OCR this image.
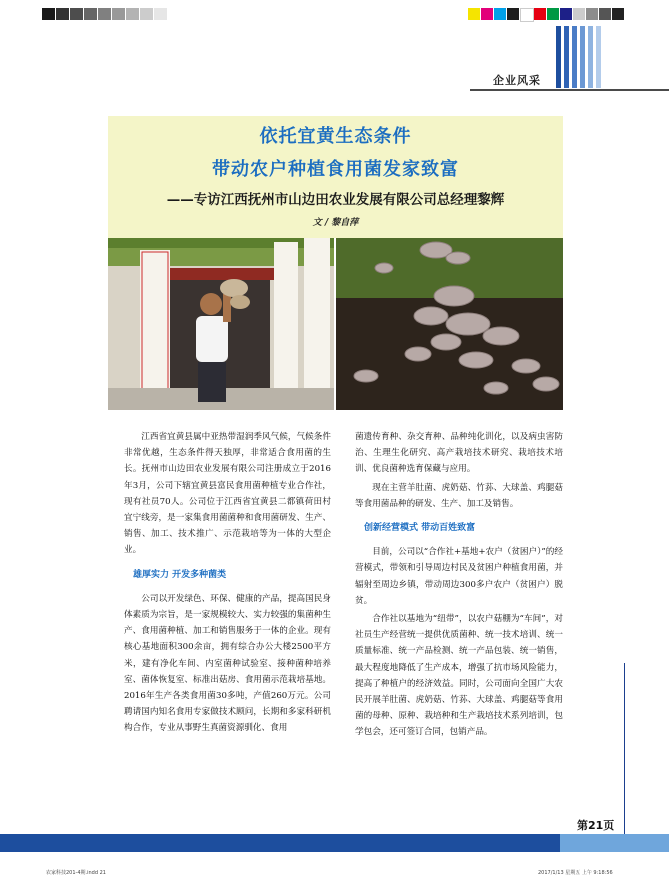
企业风采
依托宜黄生态条件
带动农户种植食用菌发家致富
——专访江西抚州市山边田农业发展有限公司总经理黎辉
文 / 黎自萍

江西省宜黄县属中亚热带湿润季风气候，气候条件非常优越，生态条件得天独厚，非常适合食用菌的生长。抚州市山边田农业发展有限公司注册成立于2016年3月，公司下辖宜黄县富民食用菌种植专业合作社，现有社员70人。公司位于江西省宜黄县二都镇荷田村宜宁线旁，是一家集食用菌菌种和食用菌研发、生产、销售、加工、技术推广、示范栽培等为一体的大型企业。

雄厚实力 开发多种菌类

公司以开发绿色、环保、健康的产品，提高国民身体素质为宗旨，是一家规模较大、实力较强的集菌种生产、食用菌种植、加工和销售服务于一体的企业。现有核心基地面积300余亩，拥有综合办公大楼2500平方米，建有净化车间、内室菌种试验室、接种菌种培养室、菌体恢复室、标准出菇房、食用菌示范栽培基地。2016年生产各类食用菌30多吨，产值260万元。公司聘请国内知名食用专家做技术顾问，长期和多家科研机构合作，专业从事野生真菌资源驯化、食用

菌遗传育种、杂交育种、品种纯化训化，以及病虫害防治、生理生化研究、高产栽培技术研究、栽培技术培训、优良菌种选育保藏与应用。

现在主营羊肚菌、虎奶菇、竹荪、大球盖、鸡腿菇等食用菌品种的研发、生产、加工及销售。

创新经营模式 带动百姓致富

目前，公司以“合作社+基地+农户（贫困户）”的经营模式，带领和引导周边村民及贫困户种植食用菌，并辐射至周边乡镇，带动周边300多户农户（贫困户）脱贫。

合作社以基地为“纽带”，以农户菇棚为“车间”，对社员生产经营统一提供优质菌种、统一技术培训、统一质量标准、统一产品检测、统一产品包装、统一销售，最大程度地降低了生产成本，增强了抗市场风险能力，提高了种植户的经济效益。同时，公司面向全国广大农民开展羊肚菌、虎奶菇、竹荪、大球盖、鸡腿菇等食用菌的母种、原种、栽培种和生产栽培技术系列培训，包学包会，还可签订合同，包销产品。

第21页
农家科技201-4期.indd 21	2017/1/13 星期五 上午 9:18:56
